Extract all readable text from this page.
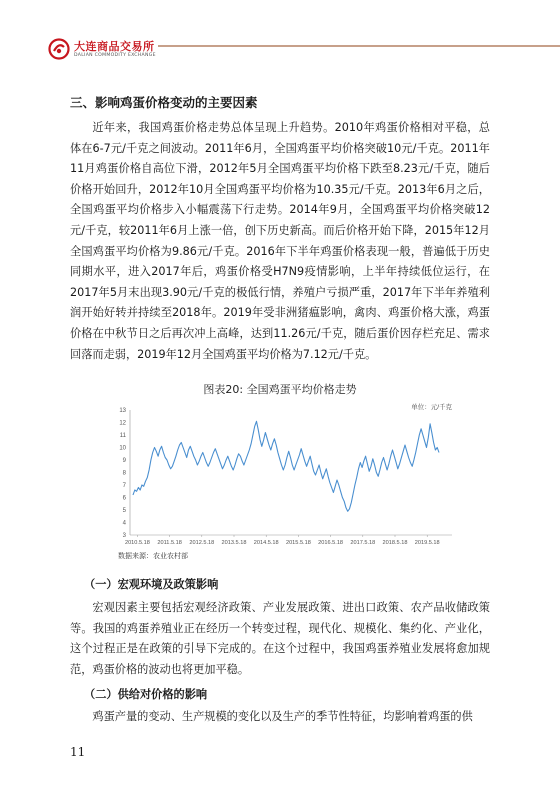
大连商品交易所
DALIAN COMMODITY EXCHANGE
三、影响鸡蛋价格变动的主要因素

近年来，我国鸡蛋价格走势总体呈现上升趋势。2010年鸡蛋价格相对平稳，总体在6-7元/千克之间波动。2011年6月，全国鸡蛋平均价格突破10元/千克。2011年11月鸡蛋价格自高位下滑，2012年5月全国鸡蛋平均价格下跌至8.23元/千克，随后价格开始回升，2012年10月全国鸡蛋平均价格为10.35元/千克。2013年6月之后，全国鸡蛋平均价格步入小幅震荡下行走势。2014年9月，全国鸡蛋平均价格突破12元/千克，较2011年6月上涨一倍，创下历史新高。而后价格开始下降，2015年12月全国鸡蛋平均价格为9.86元/千克。2016年下半年鸡蛋价格表现一般，普遍低于历史同期水平，进入2017年后，鸡蛋价格受H7N9疫情影响，上半年持续低位运行，在2017年5月末出现3.90元/千克的极低行情，养殖户亏损严重，2017年下半年养殖利润开始好转并持续至2018年。2019年受非洲猪瘟影响，禽肉、鸡蛋价格大涨，鸡蛋价格在中秋节日之后再次冲上高峰，达到11.26元/千克，随后蛋价因存栏充足、需求回落而走弱，2019年12月全国鸡蛋平均价格为7.12元/千克。

图表20: 全国鸡蛋平均价格走势
单位：元/千克
3
4
5
6
7
8
9
10
11
12
13
2010.5.18 2011.5.18 2012.5.18 2013.5.18 2014.5.18 2015.5.18 2016.5.18 2017.5.18 2018.5.18 2019.5.18
数据来源：农业农村部
（一）宏观环境及政策影响

宏观因素主要包括宏观经济政策、产业发展政策、进出口政策、农产品收储政策等。我国的鸡蛋养殖业正在经历一个转变过程，现代化、规模化、集约化、产业化，这个过程正是在政策的引导下完成的。在这个过程中，我国鸡蛋养殖业发展将愈加规范，鸡蛋价格的波动也将更加平稳。

（二）供给对价格的影响

鸡蛋产量的变动、生产规模的变化以及生产的季节性特征，均影响着鸡蛋的供

11
